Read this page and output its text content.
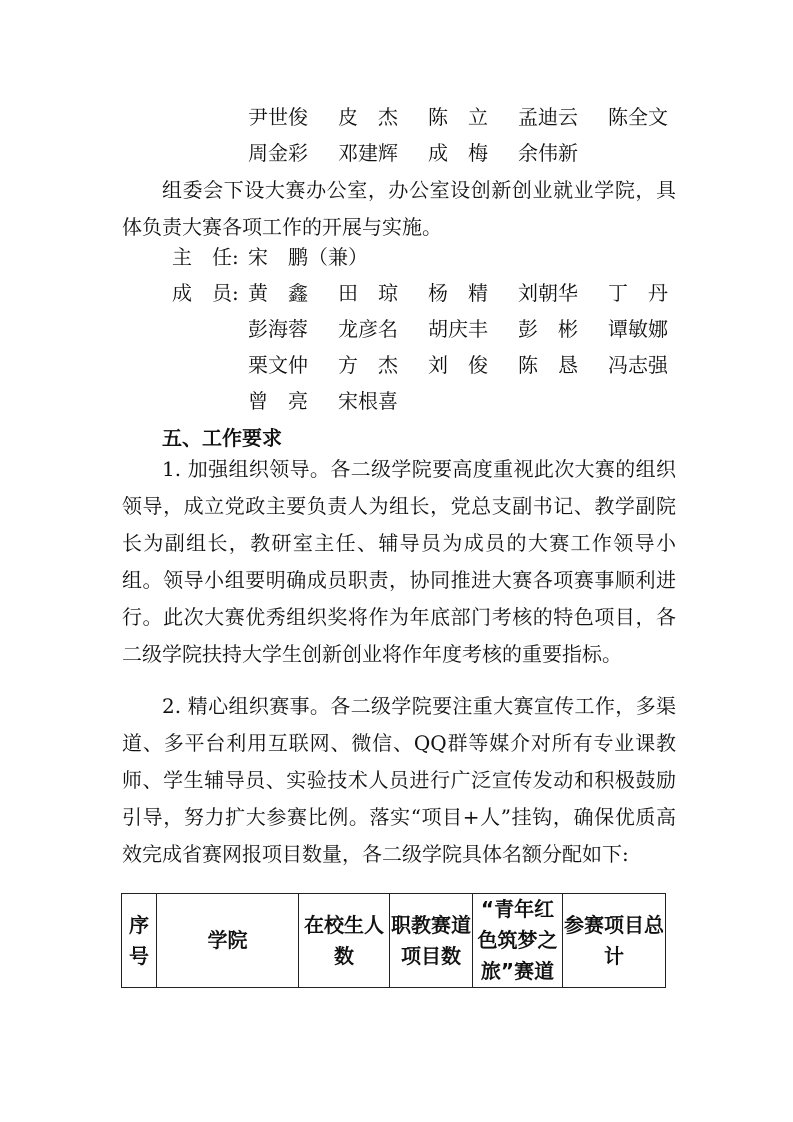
尹世俊	皮　杰	陈　立	孟迪云	陈全文
周金彩	邓建辉	成　梅	余伟新
组委会下设大赛办公室，办公室设创新创业就业学院，具体负责大赛各项工作的开展与实施。
主　任: 宋　鹏（兼）
成　员: 黄　鑫	田　琼	杨　精	刘朝华	丁　丹
彭海蓉	龙彦名	胡庆丰	彭　彬	谭敏娜
栗文仲	方　杰	刘　俊	陈　恳	冯志强
曾　亮	宋根喜
五、工作要求
1. 加强组织领导。各二级学院要高度重视此次大赛的组织领导，成立党政主要负责人为组长，党总支副书记、教学副院长为副组长，教研室主任、辅导员为成员的大赛工作领导小组。领导小组要明确成员职责，协同推进大赛各项赛事顺利进行。此次大赛优秀组织奖将作为年底部门考核的特色项目，各二级学院扶持大学生创新创业将作年度考核的重要指标。
2. 精心组织赛事。各二级学院要注重大赛宣传工作，多渠道、多平台利用互联网、微信、QQ群等媒介对所有专业课教师、学生辅导员、实验技术人员进行广泛宣传发动和积极鼓励引导，努力扩大参赛比例。落实“项目+人”挂钩，确保优质高效完成省赛网报项目数量，各二级学院具体名额分配如下:
序号	学院	在校生人数	职教赛道项目数	“青年红色筑梦之旅”赛道	参赛项目总计
